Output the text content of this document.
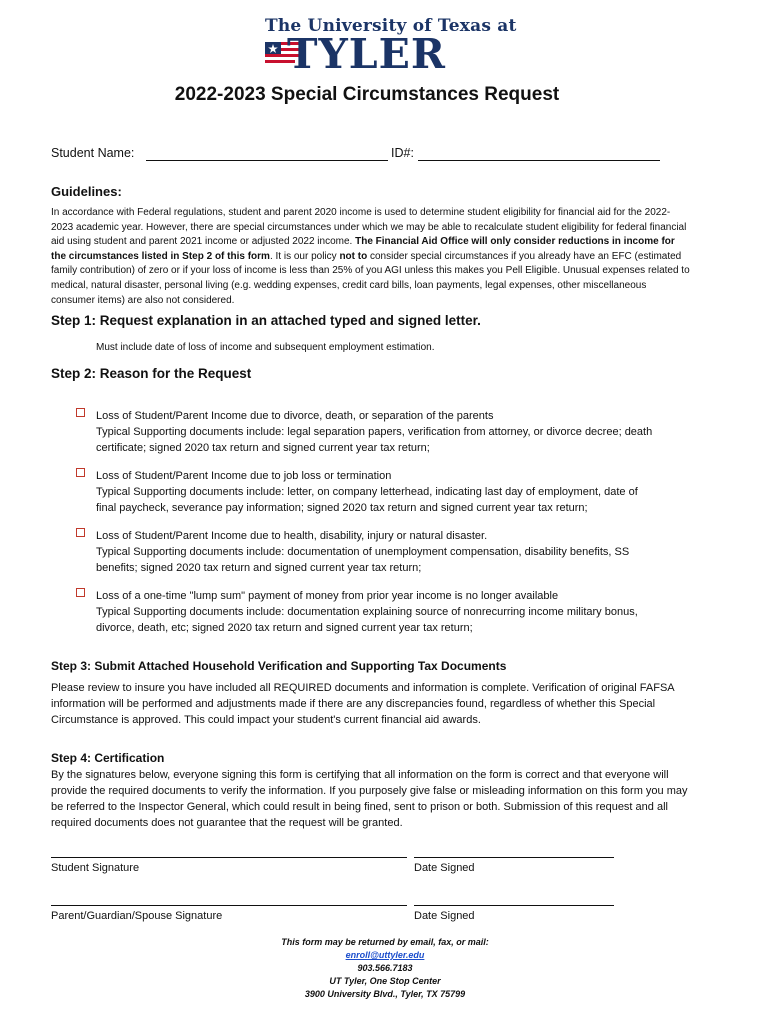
The University of Texas at
TYLER
2022-2023 Special Circumstances Request
Student Name:	ID#:
Guidelines:
In accordance with Federal regulations, student and parent 2020 income is used to determine student eligibility for financial aid for the 2022-2023 academic year. However, there are special circumstances under which we may be able to recalculate student eligibility for federal financial aid using student and parent 2021 income or adjusted 2022 income. The Financial Aid Office will only consider reductions in income for the circumstances listed in Step 2 of this form. It is our policy not to consider special circumstances if you already have an EFC (estimated family contribution) of zero or if your loss of income is less than 25% of you AGI unless this makes you Pell Eligible. Unusual expenses related to medical, natural disaster, personal living (e.g. wedding expenses, credit card bills, loan payments, legal expenses, other miscellaneous consumer items) are also not considered.
Step 1: Request explanation in an attached typed and signed letter.
Must include date of loss of income and subsequent employment estimation.
Step 2: Reason for the Request
Loss of Student/Parent Income due to divorce, death, or separation of the parents
Typical Supporting documents include: legal separation papers, verification from attorney, or divorce decree; death
certificate; signed 2020 tax return and signed current year tax return;
Loss of Student/Parent Income due to job loss or termination
Typical Supporting documents include: letter, on company letterhead, indicating last day of employment, date of
final paycheck, severance pay information; signed 2020 tax return and signed current year tax return;
Loss of Student/Parent Income due to health, disability, injury or natural disaster.
Typical Supporting documents include: documentation of unemployment compensation, disability benefits, SS
benefits; signed 2020 tax return and signed current year tax return;
Loss of a one-time "lump sum" payment of money from prior year income is no longer available
Typical Supporting documents include: documentation explaining source of nonrecurring income military bonus,
divorce, death, etc; signed 2020 tax return and signed current year tax return;
Step 3: Submit Attached Household Verification and Supporting Tax Documents
Please review to insure you have included all REQUIRED documents and information is complete. Verification of original FAFSA information will be performed and adjustments made if there are any discrepancies found, regardless of whether this Special Circumstance is approved. This could impact your student's current financial aid awards.
Step 4: Certification
By the signatures below, everyone signing this form is certifying that all information on the form is correct and that everyone will provide the required documents to verify the information. If you purposely give false or misleading information on this form you may be referred to the Inspector General, which could result in being fined, sent to prison or both. Submission of this request and all required documents does not guarantee that the request will be granted.
Student Signature	Date Signed
Parent/Guardian/Spouse Signature	Date Signed
This form may be returned by email, fax, or mail:
enroll@uttyler.edu
903.566.7183
UT Tyler, One Stop Center
3900 University Blvd., Tyler, TX 75799
